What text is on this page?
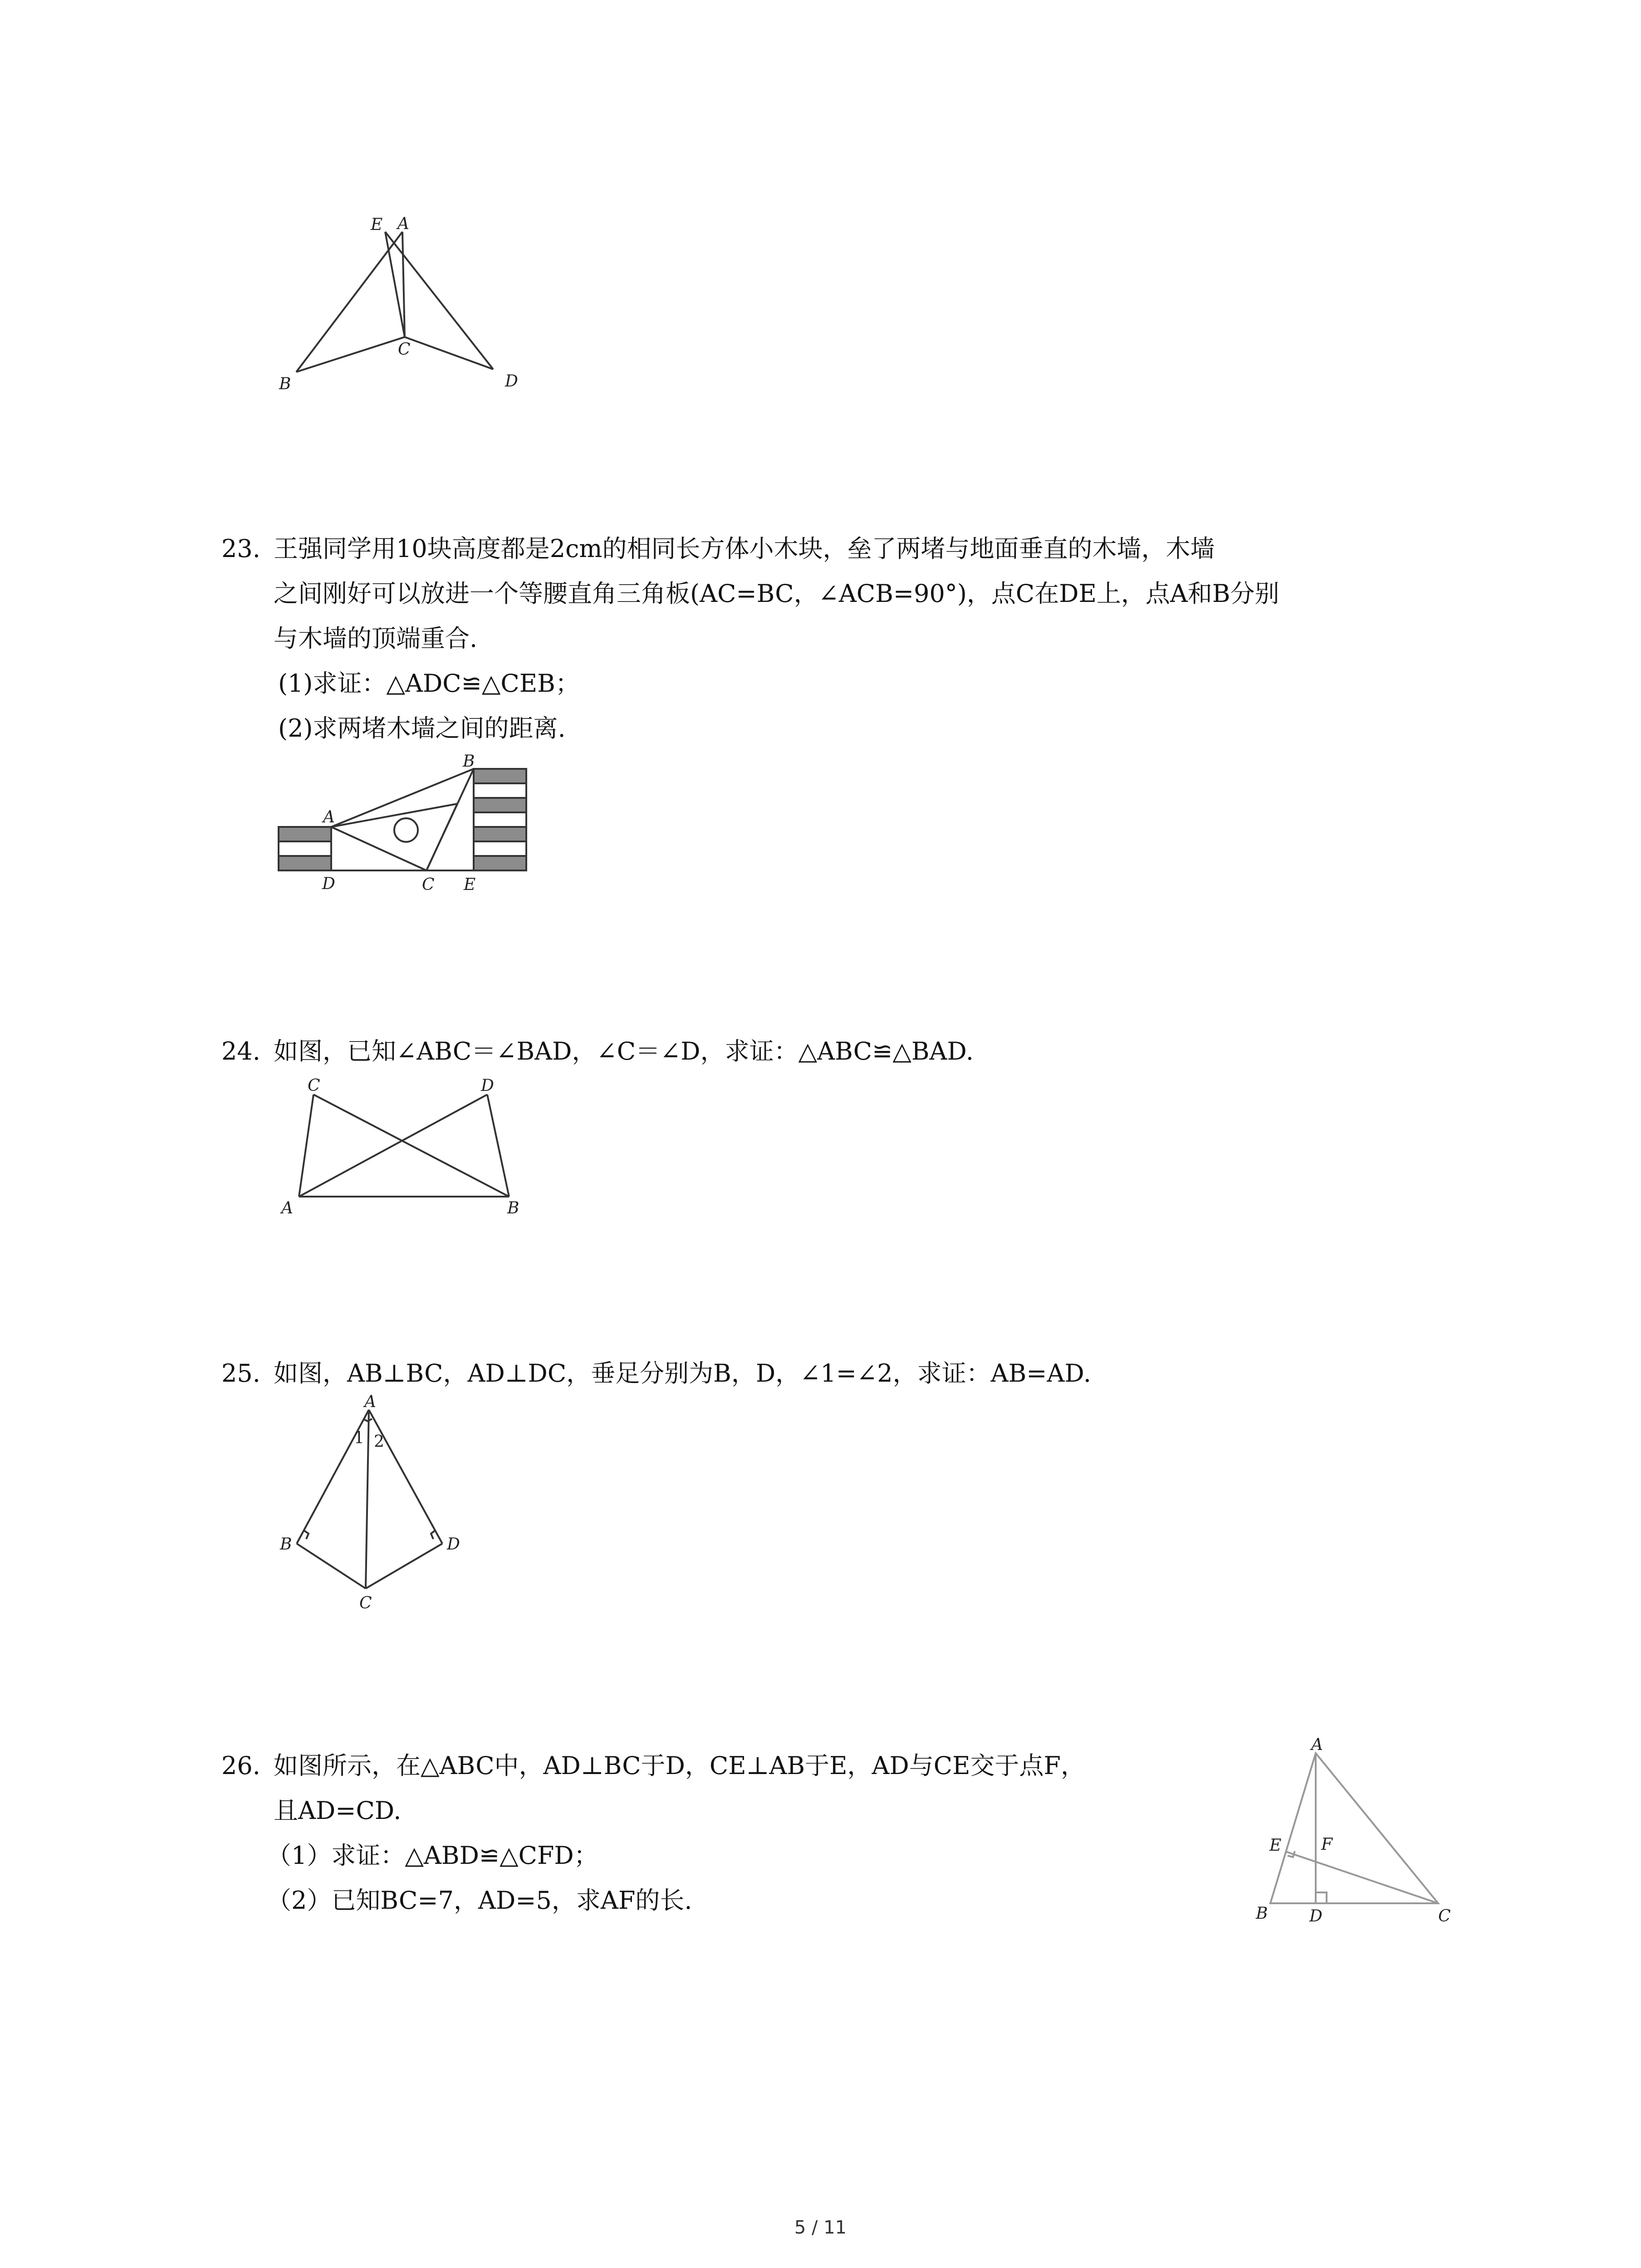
E A
C
B	D
23. 王强同学用10块高度都是2cm的相同长方体小木块，垒了两堵与地面垂直的木墙，木墙
之间刚好可以放进一个等腰直角三角板(AC=BC，∠ACB=90°)，点C在DE上，点A和B分别
与木墙的顶端重合.
(1)求证：△ADC≌△CEB；
(2)求两堵木墙之间的距离.
A
B
D	C E
24. 如图，已知∠ABC＝∠BAD，∠C＝∠D，求证：△ABC≌△BAD.
C	D
A	B
25. 如图，AB⊥BC，AD⊥DC，垂足分别为B，D，∠1=∠2，求证：AB=AD.
A
B	D
C
1 2
26. 如图所示，在△ABC中，AD⊥BC于D，CE⊥AB于E，AD与CE交于点F，
且AD=CD.
（1）求证：△ABD≌△CFD；
（2）已知BC=7，AD=5，求AF的长.
A
E F
B	D	C
5 / 11
